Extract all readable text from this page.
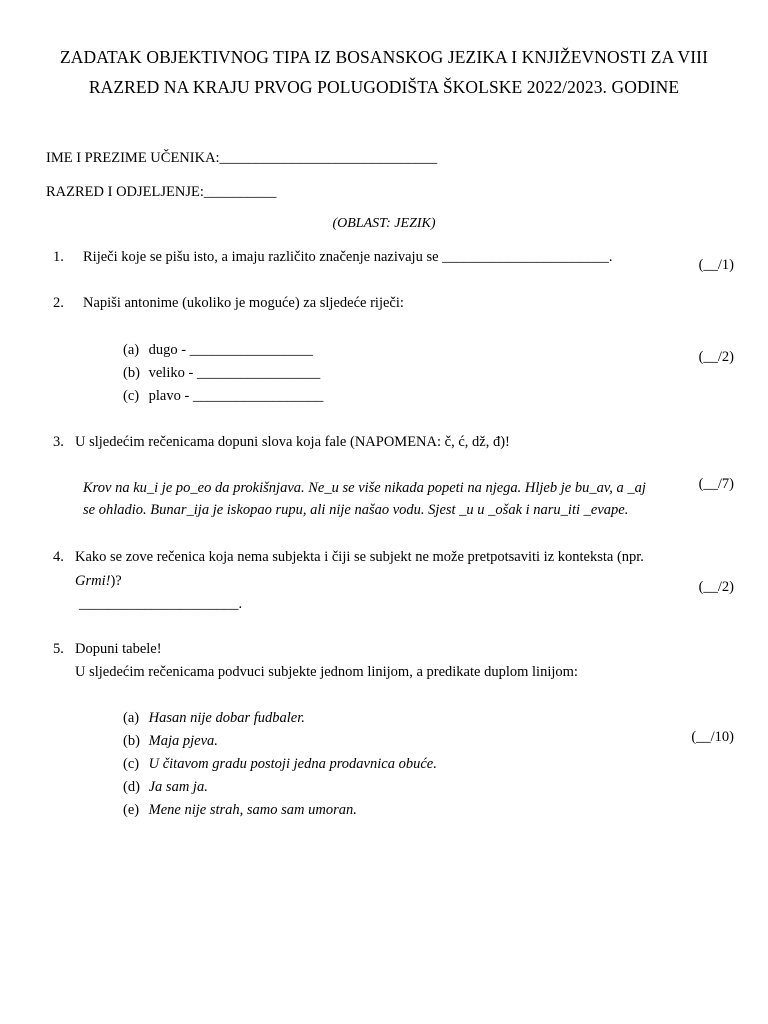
ZADATAK OBJEKTIVNOG TIPA IZ BOSANSKOG JEZIKA I KNJIŽEVNOSTI ZA VIII
RAZRED NA KRAJU PRVOG POLUGODIŠTA ŠKOLSKE 2022/2023. GODINE
IME I PREZIME UČENIKA:______________________________
RAZRED I ODJELJENJE:__________
(OBLAST: JEZIK)
1. Riječi koje se pišu isto, a imaju različito značenje nazivaju se _______________________.	(__/1)
2. Napiši antonime (ukoliko je moguće) za sljedeće riječi:
(a) dugo - _________________
(b) veliko - _________________
(c) plavo - __________________
(__/2)
3. U sljedećim rečenicama dopuni slova koja fale (NAPOMENA: č, ć, dž, đ)!
Krov na ku_i je po_eo da prokišnjava. Ne_u se više nikada popeti na njega. Hljeb je bu_av, a _aj
se ohladio. Bunar_ija je iskopao rupu, ali nije našao vodu. Sjest _u u _ošak i naru_iti _evape.
(__/7)
4. Kako se zove rečenica koja nema subjekta i čiji se subjekt ne može pretpotsaviti iz konteksta (npr.
Grmi!)?
______________________.
(__/2)
5. Dopuni tabele!
U sljedećim rečenicama podvuci subjekte jednom linijom, a predikate duplom linijom:
(a) Hasan nije dobar fudbaler.
(b) Maja pjeva.
(c) U čitavom gradu postoji jedna prodavnica obuće.
(d) Ja sam ja.
(e) Mene nije strah, samo sam umoran.
(__/10)
